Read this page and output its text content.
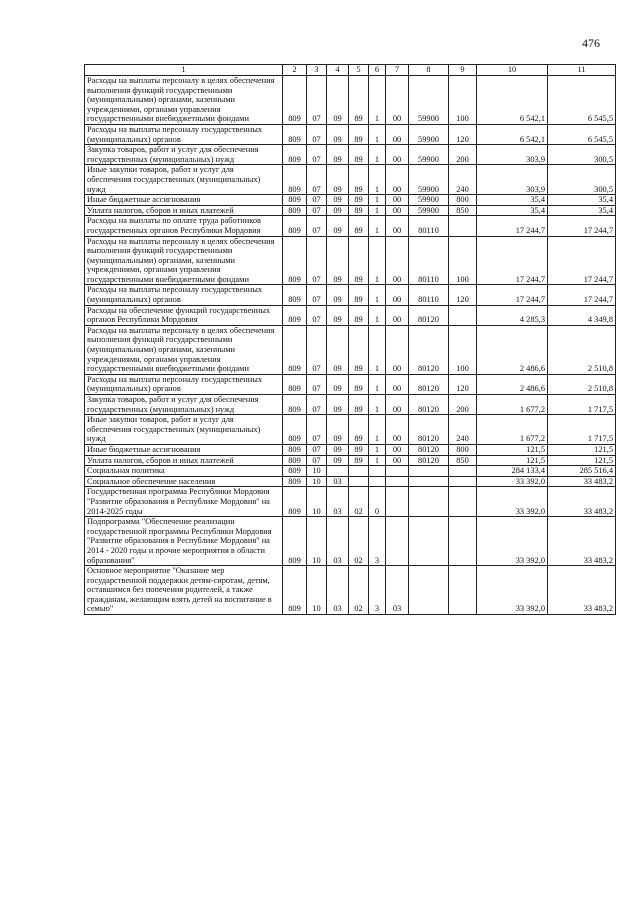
476
1	2	3	4	5	6	7	8	9	10	11
Расходы на выплаты персоналу в целях обеспечения выполнения функций государственными (муниципальными) органами, казенными учреждениями, органами управления государственными внебюджетными фондами	809	07	09	89	1	00	59900	100	6 542,1	6 545,5
Расходы на выплаты персоналу государственных (муниципальных) органов	809	07	09	89	1	00	59900	120	6 542,1	6 545,5
Закупка товаров, работ и услуг для обеспечения государственных (муниципальных) нужд	809	07	09	89	1	00	59900	200	303,9	300,5
Иные закупки товаров, работ и услуг для обеспечения государственных (муниципальных) нужд	809	07	09	89	1	00	59900	240	303,9	300,5
Иные бюджетные ассигнования	809	07	09	89	1	00	59900	800	35,4	35,4
Уплата налогов, сборов и иных платежей	809	07	09	89	1	00	59900	850	35,4	35,4
Расходы на выплаты по оплате труда работников государственных органов Республики Мордовия	809	07	09	89	1	00	80110		17 244,7	17 244,7
Расходы на выплаты персоналу в целях обеспечения выполнения функций государственными (муниципальными) органами, казенными учреждениями, органами управления государственными внебюджетными фондами	809	07	09	89	1	00	80110	100	17 244,7	17 244,7
Расходы на выплаты персоналу государственных (муниципальных) органов	809	07	09	89	1	00	80110	120	17 244,7	17 244,7
Расходы на обеспечение функций государственных органов Республики Мордовия	809	07	09	89	1	00	80120		4 285,3	4 349,8
Расходы на выплаты персоналу в целях обеспечения выполнения функций государственными (муниципальными) органами, казенными учреждениями, органами управления государственными внебюджетными фондами	809	07	09	89	1	00	80120	100	2 486,6	2 510,8
Расходы на выплаты персоналу государственных (муниципальных) органов	809	07	09	89	1	00	80120	120	2 486,6	2 510,8
Закупка товаров, работ и услуг для обеспечения государственных (муниципальных) нужд	809	07	09	89	1	00	80120	200	1 677,2	1 717,5
Иные закупки товаров, работ и услуг для обеспечения государственных (муниципальных) нужд	809	07	09	89	1	00	80120	240	1 677,2	1 717,5
Иные бюджетные ассигнования	809	07	09	89	1	00	80120	800	121,5	121,5
Уплата налогов, сборов и иных платежей	809	07	09	89	1	00	80120	850	121,5	121,5
Социальная политика	809	10							284 133,4	285 516,4
Социальное обеспечение населения	809	10	03						33 392,0	33 483,2
Государственная программа Республики Мордовия "Развитие образования в Республике Мордовия" на 2014-2025 годы	809	10	03	02	0				33 392,0	33 483,2
Подпрограмма "Обеспечение реализации государственной программы Республики Мордовия "Развитие образования в Республике Мордовия" на 2014 - 2020 годы и прочие мероприятия в области образования"	809	10	03	02	3				33 392,0	33 483,2
Основное мероприятие "Оказание мер государственной поддержки детям-сиротам, детям, оставшимся без попечения родителей, а также гражданам, желающим взять детей на воспитание в семью"	809	10	03	02	3	03			33 392,0	33 483,2
